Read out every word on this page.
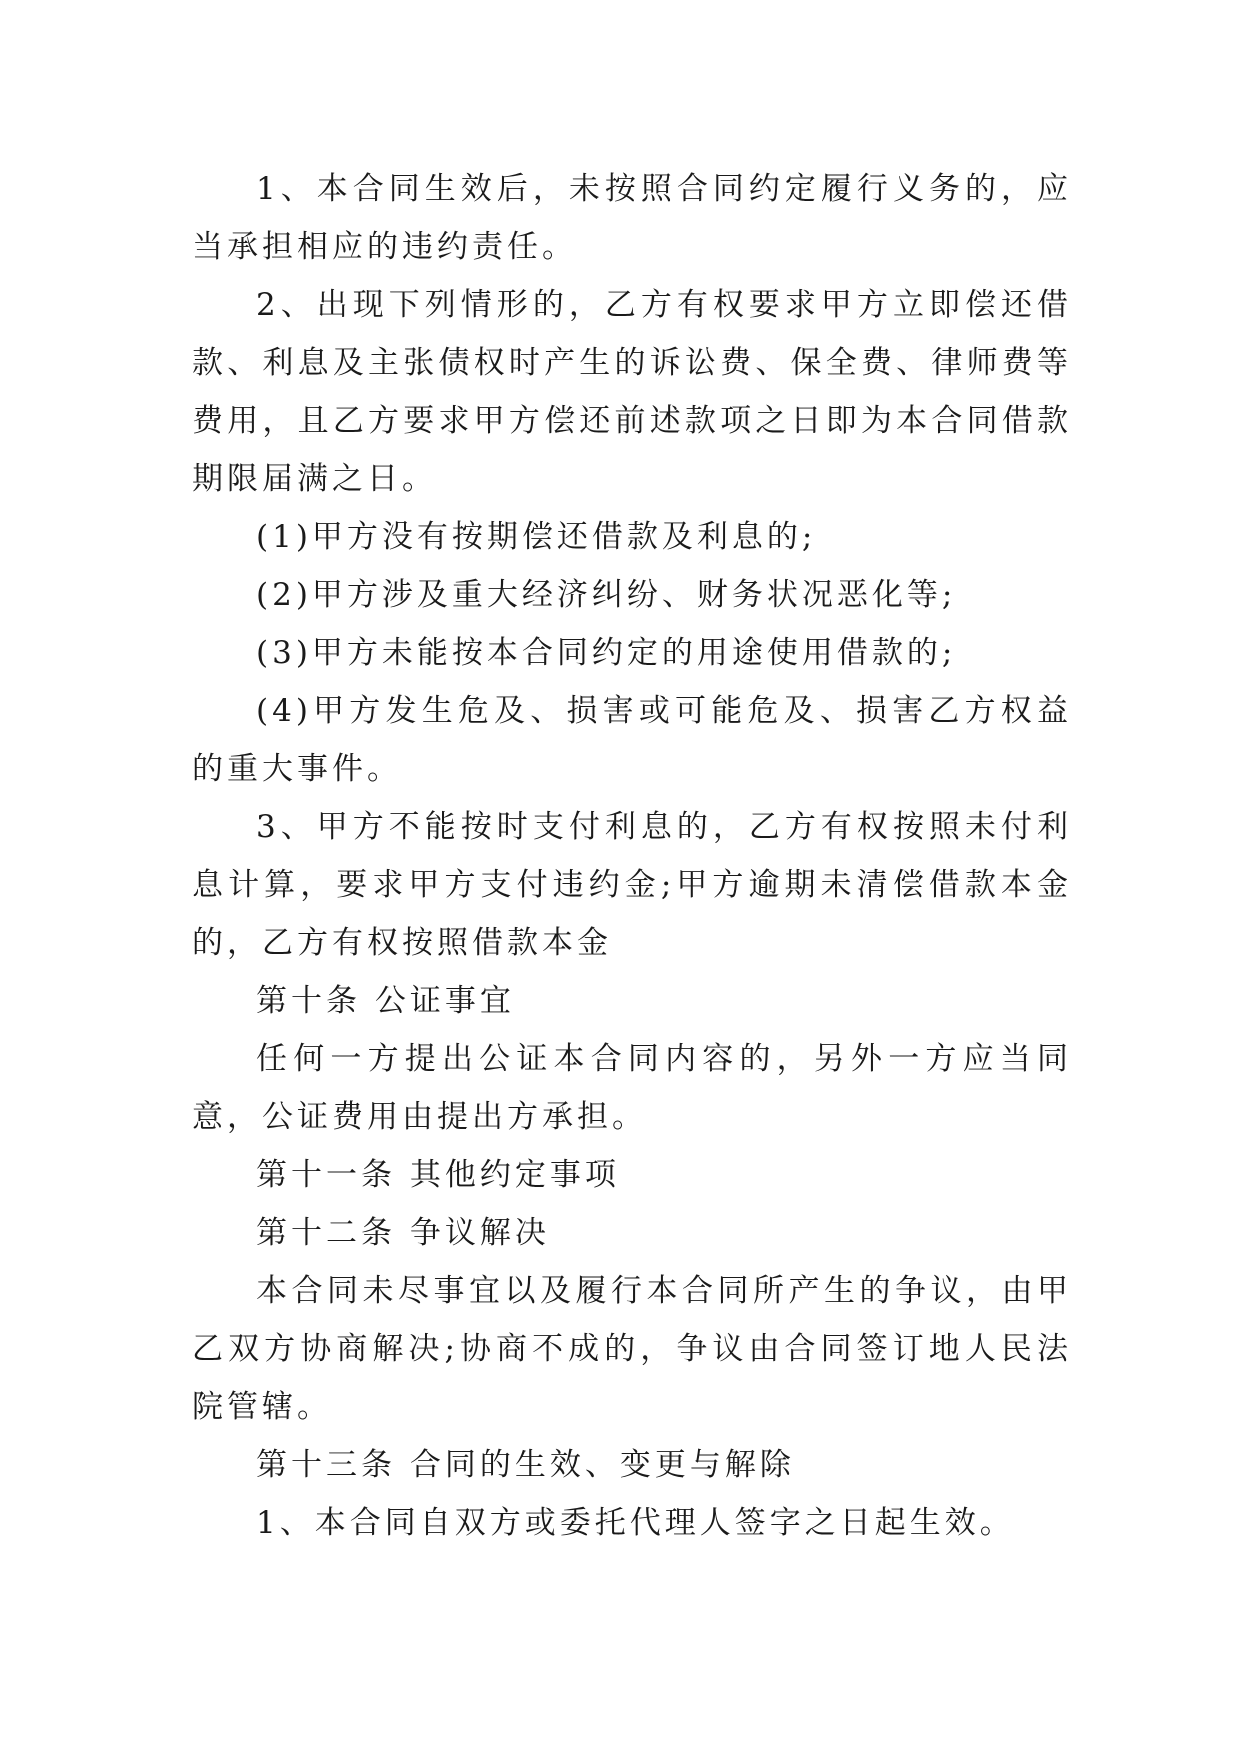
1、本合同生效后，未按照合同约定履行义务的，应当承担相应的违约责任。

2、出现下列情形的，乙方有权要求甲方立即偿还借款、利息及主张债权时产生的诉讼费、保全费、律师费等费用，且乙方要求甲方偿还前述款项之日即为本合同借款期限届满之日。

(1)甲方没有按期偿还借款及利息的;

(2)甲方涉及重大经济纠纷、财务状况恶化等;

(3)甲方未能按本合同约定的用途使用借款的;

(4)甲方发生危及、损害或可能危及、损害乙方权益的重大事件。

3、甲方不能按时支付利息的，乙方有权按照未付利息计算，要求甲方支付违约金;甲方逾期未清偿借款本金的，乙方有权按照借款本金

第十条 公证事宜

任何一方提出公证本合同内容的，另外一方应当同意，公证费用由提出方承担。

第十一条 其他约定事项

第十二条 争议解决

本合同未尽事宜以及履行本合同所产生的争议，由甲乙双方协商解决;协商不成的，争议由合同签订地人民法院管辖。

第十三条 合同的生效、变更与解除

1、本合同自双方或委托代理人签字之日起生效。
